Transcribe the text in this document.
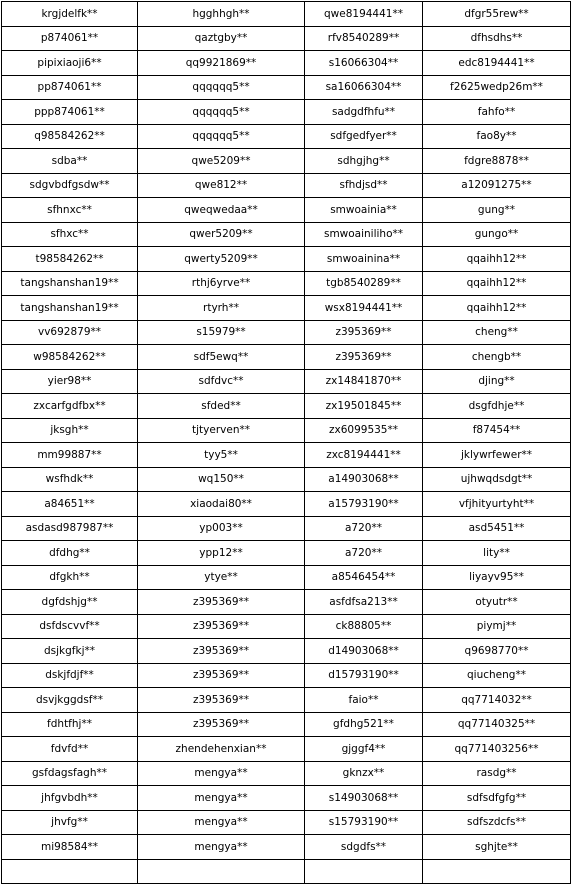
krgjdelfk**	hgghhgh**	qwe8194441**	dfgr55rew**
p874061**	qaztgby**	rfv8540289**	dfhsdhs**
pipixiaoji6**	qq9921869**	s16066304**	edc8194441**
pp874061**	qqqqqq5**	sa16066304**	f2625wedp26m**
ppp874061**	qqqqqq5**	sadgdfhfu**	fahfo**
q98584262**	qqqqqq5**	sdfgedfyer**	fao8y**
sdba**	qwe5209**	sdhgjhg**	fdgre8878**
sdgvbdfgsdw**	qwe812**	sfhdjsd**	a12091275**
sfhnxc**	qweqwedaa**	smwoainia**	gung**
sfhxc**	qwer5209**	smwoainiliho**	gungo**
t98584262**	qwerty5209**	smwoainina**	qqaihh12**
tangshanshan19**	rthj6yrve**	tgb8540289**	qqaihh12**
tangshanshan19**	rtyrh**	wsx8194441**	qqaihh12**
vv692879**	s15979**	z395369**	cheng**
w98584262**	sdf5ewq**	z395369**	chengb**
yier98**	sdfdvc**	zx14841870**	djing**
zxcarfgdfbx**	sfded**	zx19501845**	dsgfdhje**
jksgh**	tjtyerven**	zx6099535**	f87454**
mm99887**	tyy5**	zxc8194441**	jklywrfewer**
wsfhdk**	wq150**	a14903068**	ujhwqdsdgt**
a84651**	xiaodai80**	a15793190**	vfjhityurtyht**
asdasd987987**	yp003**	a720**	asd5451**
dfdhg**	ypp12**	a720**	lity**
dfgkh**	ytye**	a8546454**	liyayv95**
dgfdshjg**	z395369**	asfdfsa213**	otyutr**
dsfdscvvf**	z395369**	ck88805**	piymj**
dsjkgfkj**	z395369**	d14903068**	q9698770**
dskjfdjf**	z395369**	d15793190**	qiucheng**
dsvjkggdsf**	z395369**	faio**	qq7714032**
fdhtfhj**	z395369**	gfdhg521**	qq77140325**
fdvfd**	zhendehenxian**	gjggf4**	qq771403256**
gsfdagsfagh**	mengya**	gknzx**	rasdg**
jhfgvbdh**	mengya**	s14903068**	sdfsdfgfg**
jhvfg**	mengya**	s15793190**	sdfszdcfs**
mi98584**	mengya**	sdgdfs**	sghjte**
